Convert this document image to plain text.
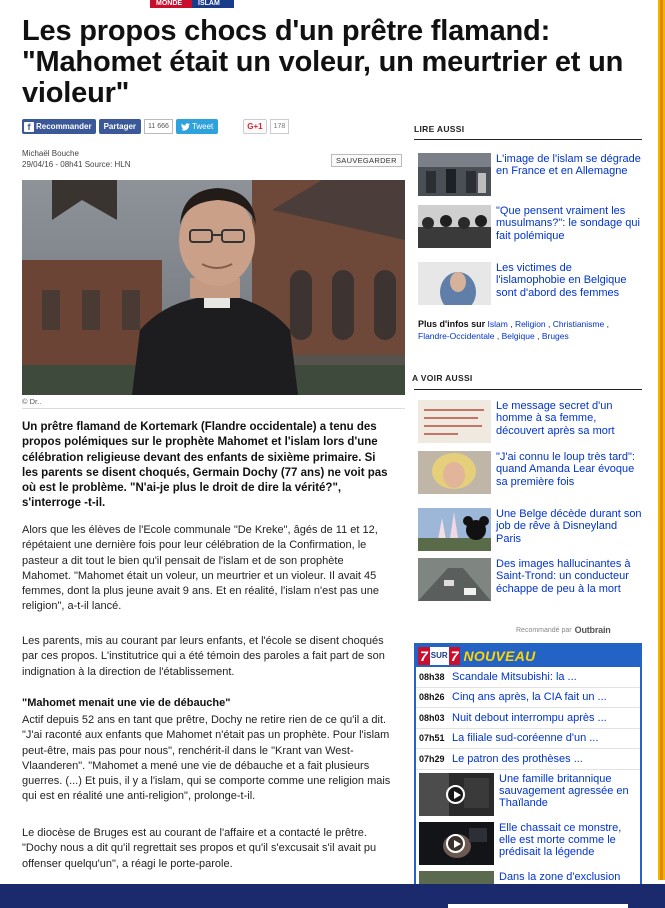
MONDE	ISLAM
Les propos chocs d'un prêtre flamand: "Mahomet était un voleur, un meurtrier et un violeur"
f Recommander	Partager	11 666	Tweet	G+1	178
Michaël Bouche
29/04/16 - 08h41 Source: HLN	SAUVEGARDER
© Dr..
Un prêtre flamand de Kortemark (Flandre occidentale) a tenu des propos polémiques sur le prophète Mahomet et l'islam lors d'une célébration religieuse devant des enfants de sixième primaire. Si les parents se disent choqués, Germain Dochy (77 ans) ne voit pas où est le problème. "N'ai-je plus le droit de dire la vérité?", s'interroge -t-il.
Alors que les élèves de l'Ecole communale "De Kreke", âgés de 11 et 12, répétaient une dernière fois pour leur célébration de la Confirmation, le pasteur a dit tout le bien qu'il pensait de l'islam et de son prophète Mahomet. "Mahomet était un voleur, un meurtrier et un violeur. Il avait 45 femmes, dont la plus jeune avait 9 ans. Et en réalité, l'islam n'est pas une religion", a-t-il lancé.
Les parents, mis au courant par leurs enfants, et l'école se disent choqués par ces propos. L'institutrice qui a été témoin des paroles a fait part de son indignation à la direction de l'établissement.
"Mahomet menait une vie de débauche"
Actif depuis 52 ans en tant que prêtre, Dochy ne retire rien de ce qu'il a dit. "J'ai raconté aux enfants que Mahomet n'était pas un prophète. Pour l'islam peut-être, mais pas pour nous", renchérit-il dans le "Krant van West-Vlaanderen". "Mahomet a mené une vie de débauche et a fait plusieurs guerres. (...) Et puis, il y a l'islam, qui se comporte comme une religion mais qui est en réalité une anti-religion", prolonge-t-il.
Le diocèse de Bruges est au courant de l'affaire et a contacté le prêtre. "Dochy nous a dit qu'il regrettait ses propos et qu'il s'excusait s'il avait pu offenser quelqu'un", a réagi le porte-parole.
LIRE AUSSI
L'image de l'islam se dégrade en France et en Allemagne
"Que pensent vraiment les musulmans?": le sondage qui fait polémique
Les victimes de l'islamophobie en Belgique sont d'abord des femmes
Plus d'infos sur Islam , Religion , Christianisme , Flandre-Occidentale , Belgique , Bruges
A VOIR AUSSI
Le message secret d'un homme à sa femme, découvert après sa mort
"J'ai connu le loup très tard": quand Amanda Lear évoque sa première fois
Une Belge décède durant son job de rêve à Disneyland Paris
Des images hallucinantes à Saint-Trond: un conducteur échappe de peu à la mort
Recommandé par Outbrain
7 SUR 7 NOUVEAU
08h38 Scandale Mitsubishi: la ...
08h26 Cinq ans après, la CIA fait un ...
08h03 Nuit debout interrompu après ...
07h51 La filiale sud-coréenne d'un ...
07h29 Le patron des prothèses ...
Une famille britannique sauvagement agressée en Thaïlande
Elle chassait ce monstre, elle est morte comme le prédisait la légende
Dans la zone d'exclusion
